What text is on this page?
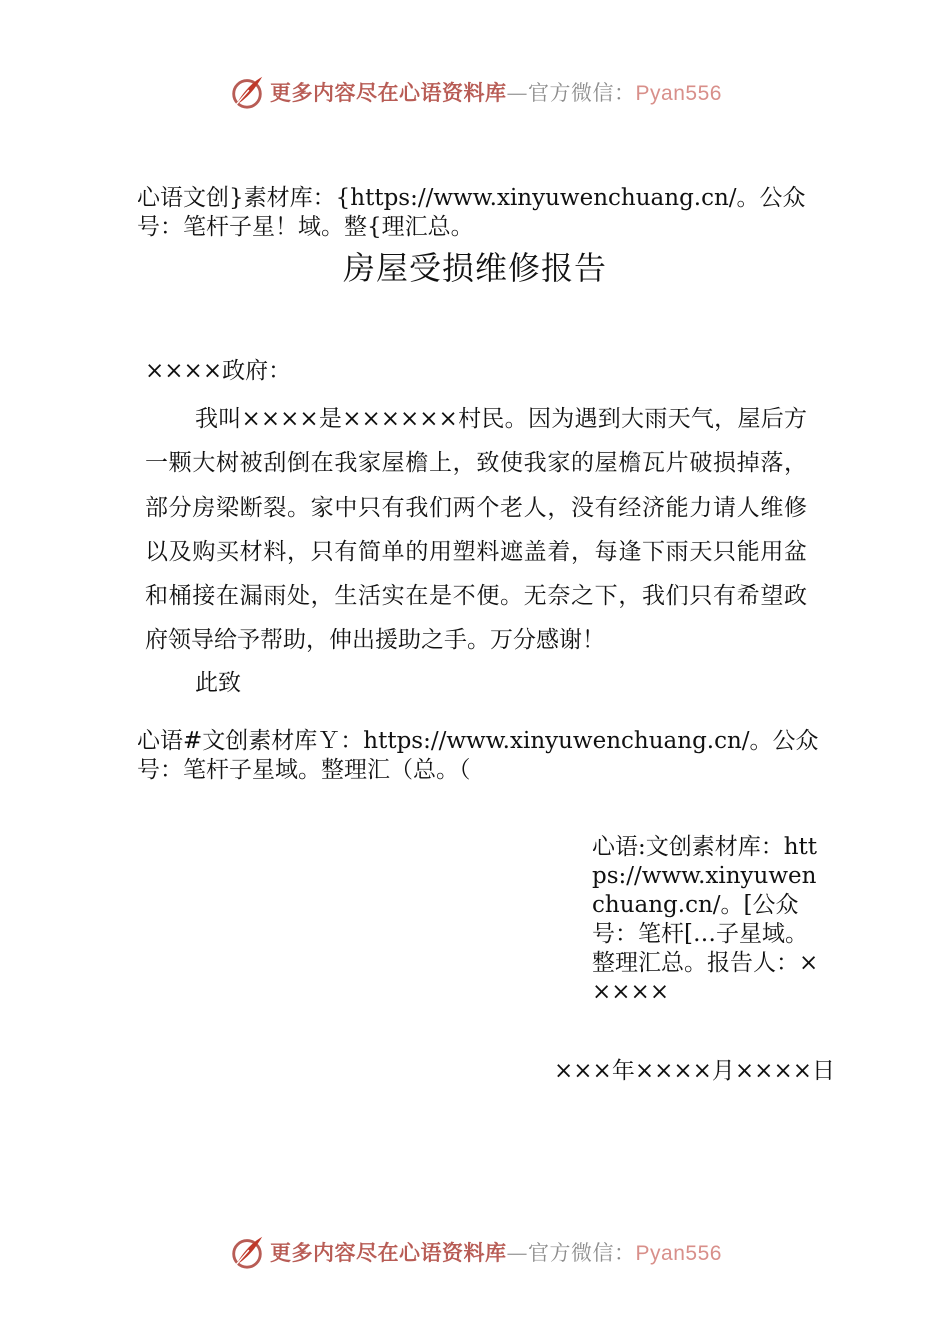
更多内容尽在心语资料库—官方微信：Pyan556
心语文创}素材库：{https://www.xinyuwenchuang.cn/。公众号：笔杆子星！域。整{理汇总。
房屋受损维修报告
××××政府：

我叫××××是××××××村民。因为遇到大雨天气，屋后方一颗大树被刮倒在我家屋檐上，致使我家的屋檐瓦片破损掉落，部分房梁断裂。家中只有我们两个老人，没有经济能力请人维修以及购买材料，只有简单的用塑料遮盖着，每逢下雨天只能用盆和桶接在漏雨处，生活实在是不便。无奈之下，我们只有希望政府领导给予帮助，伸出援助之手。万分感谢！

此致
心语#文创素材库Ｙ：https://www.xinyuwenchuang.cn/。公众号：笔杆子星域。整理汇（总。（
心语:文创素材库：https://www.xinyuwenchuang.cn/。[公众号：笔杆[…子星域。整理汇总。报告人：×××××
×××年××××月××××日
更多内容尽在心语资料库—官方微信：Pyan556
